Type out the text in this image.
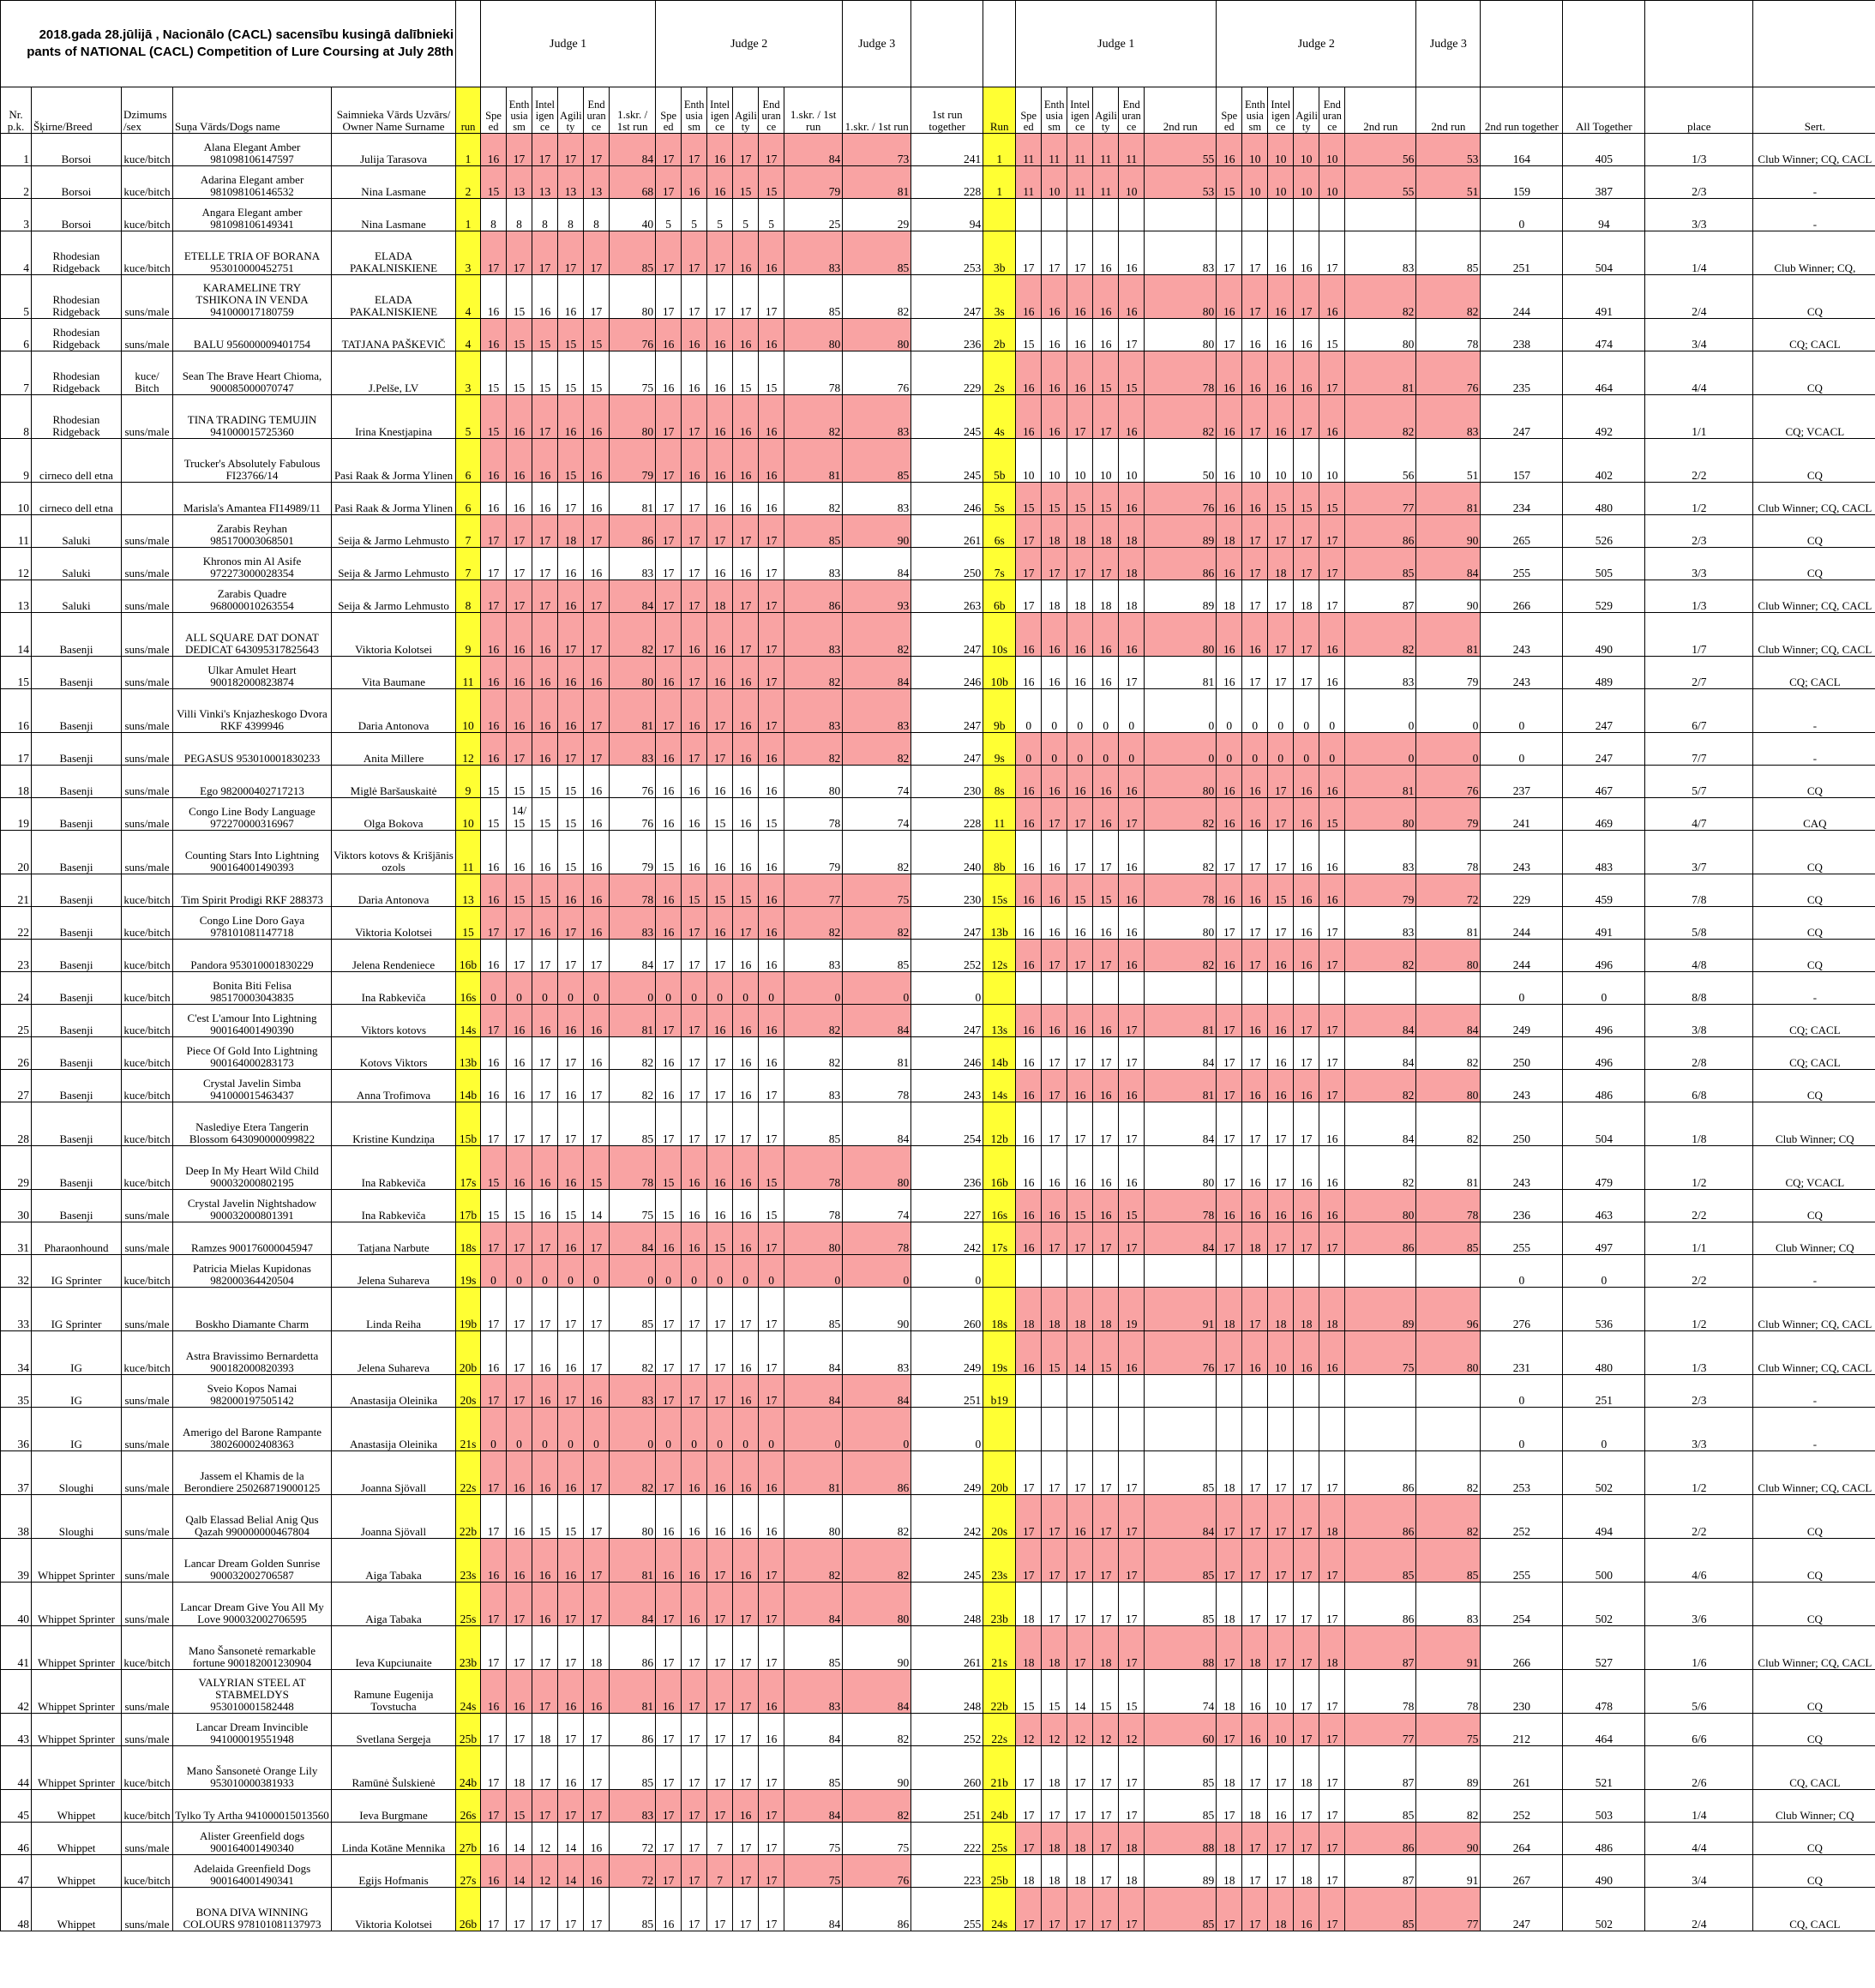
2018.gada 28.jūlijā , Nacionālo (CACL) sacensību kusingā dalībnieki
pants of NATIONAL (CACL) Competition of Lure Coursing at July 28th						Judge 1						Judge 2						Judge 3			Judge 1						Judge 2						Judge 3				
Nr. p.k.	Šķirne/Breed	Dzimums /sex	Suņa Vārds/Dogs name	Saimnieka Vārds Uzvārs/ Owner Name Surname	run	Spe ed	Enth usia sm	Intel igen ce	Agili ty	End uran ce	1.skr. / 1st run	Spe ed	Enth usia sm	Intel igen ce	Agili ty	End uran ce	1.skr. / 1st run	1.skr. / 1st run	1st run together	Run	Spe ed	Enth usia sm	Intel igen ce	Agili ty	End uran ce	2nd run	Spe ed	Enth usia sm	Intel igen ce	Agili ty	End uran ce	2nd run	2nd run	2nd run together	All Together	place	Sert.
1	Borsoi	kuce/bitch	Alana Elegant Amber 981098106147597	Julija Tarasova	1	16	17	17	17	17	84	17	17	16	17	17	84	73	241	1	11	11	11	11	11	55	16	10	10	10	10	56	53	164	405	1/3	Club Winner; CQ, CACL
2	Borsoi	kuce/bitch	Adarina Elegant amber 981098106146532	Nina Lasmane	2	15	13	13	13	13	68	17	16	16	15	15	79	81	228	1	11	10	11	11	10	53	15	10	10	10	10	55	51	159	387	2/3	-
3	Borsoi	kuce/bitch	Angara Elegant amber 981098106149341	Nina Lasmane	1	8	8	8	8	8	40	5	5	5	5	5	25	29	94															0	94	3/3	-
4	Rhodesian Ridgeback	kuce/bitch	ETELLE TRIA OF BORANA 953010000452751	ELADA PAKALNISKIENE	3	17	17	17	17	17	85	17	17	17	16	16	83	85	253	3b	17	17	17	16	16	83	17	17	16	16	17	83	85	251	504	1/4	Club Winner; CQ,
5	Rhodesian Ridgeback	suns/male	KARAMELINE TRY TSHIKONA IN VENDA 941000017180759	ELADA PAKALNISKIENE	4	16	15	16	16	17	80	17	17	17	17	17	85	82	247	3s	16	16	16	16	16	80	16	17	16	17	16	82	82	244	491	2/4	CQ
6	Rhodesian Ridgeback	suns/male	BALU 956000009401754	TATJANA PAŠKEVIČ	4	16	15	15	15	15	76	16	16	16	16	16	80	80	236	2b	15	16	16	16	17	80	17	16	16	16	15	80	78	238	474	3/4	CQ; CACL
7	Rhodesian Ridgeback	kuce/ Bitch	Sean The Brave Heart Chioma, 900085000070747	J.Pelše, LV	3	15	15	15	15	15	75	16	16	16	15	15	78	76	229	2s	16	16	16	15	15	78	16	16	16	16	17	81	76	235	464	4/4	CQ
8	Rhodesian Ridgeback	suns/male	TINA TRADING TEMUJIN 941000015725360	Irina Knestjapina	5	15	16	17	16	16	80	17	17	16	16	16	82	83	245	4s	16	16	17	17	16	82	16	17	16	17	16	82	83	247	492	1/1	CQ; VCACL
9	cirneco dell etna		Trucker's Absolutely Fabulous FI23766/14	Pasi Raak & Jorma Ylinen	6	16	16	16	15	16	79	17	16	16	16	16	81	85	245	5b	10	10	10	10	10	50	16	10	10	10	10	56	51	157	402	2/2	CQ
10	cirneco dell etna		Marisla's Amantea FI14989/11	Pasi Raak & Jorma Ylinen	6	16	16	16	17	16	81	17	17	16	16	16	82	83	246	5s	15	15	15	15	16	76	16	16	15	15	15	77	81	234	480	1/2	Club Winner; CQ, CACL
11	Saluki	suns/male	Zarabis Reyhan 985170003068501	Seija & Jarmo Lehmusto	7	17	17	17	18	17	86	17	17	17	17	17	85	90	261	6s	17	18	18	18	18	89	18	17	17	17	17	86	90	265	526	2/3	CQ
12	Saluki	suns/male	Khronos min Al Asife 972273000028354	Seija & Jarmo Lehmusto	7	17	17	17	16	16	83	17	17	16	16	17	83	84	250	7s	17	17	17	17	18	86	16	17	18	17	17	85	84	255	505	3/3	CQ
13	Saluki	suns/male	Zarabis Quadre 968000010263554	Seija & Jarmo Lehmusto	8	17	17	17	16	17	84	17	17	18	17	17	86	93	263	6b	17	18	18	18	18	89	18	17	17	18	17	87	90	266	529	1/3	Club Winner; CQ, CACL
14	Basenji	suns/male	ALL SQUARE DAT DONAT DEDICAT 643095317825643	Viktoria Kolotsei	9	16	16	16	17	17	82	17	16	16	17	17	83	82	247	10s	16	16	16	16	16	80	16	16	17	17	16	82	81	243	490	1/7	Club Winner; CQ, CACL
15	Basenji	suns/male	Ulkar Amulet Heart 900182000823874	Vita Baumane	11	16	16	16	16	16	80	16	17	16	16	17	82	84	246	10b	16	16	16	16	17	81	16	17	17	17	16	83	79	243	489	2/7	CQ; CACL
16	Basenji	suns/male	Villi Vinki's Knjazheskogo Dvora RKF 4399946	Daria Antonova	10	16	16	16	16	17	81	17	16	17	16	17	83	83	247	9b	0	0	0	0	0	0	0	0	0	0	0	0	0	0	247	6/7	-
17	Basenji	suns/male	PEGASUS 953010001830233	Anita Millere	12	16	17	16	17	17	83	16	17	17	16	16	82	82	247	9s	0	0	0	0	0	0	0	0	0	0	0	0	0	0	247	7/7	-
18	Basenji	suns/male	Ego 982000402717213	Miglė Baršauskaitė	9	15	15	15	15	16	76	16	16	16	16	16	80	74	230	8s	16	16	16	16	16	80	16	16	17	16	16	81	76	237	467	5/7	CQ
19	Basenji	suns/male	Congo Line Body Language 972270000316967	Olga Bokova	10	15	14/ 15	15	15	16	76	16	16	15	16	15	78	74	228	11	16	17	17	16	17	82	16	16	17	16	15	80	79	241	469	4/7	CAQ
20	Basenji	suns/male	Counting Stars Into Lightning 900164001490393	Viktors kotovs & Krišjānis ozols	11	16	16	16	15	16	79	15	16	16	16	16	79	82	240	8b	16	16	17	17	16	82	17	17	17	16	16	83	78	243	483	3/7	CQ
21	Basenji	kuce/bitch	Tim Spirit Prodigi RKF 288373	Daria Antonova	13	16	15	15	16	16	78	16	15	15	15	16	77	75	230	15s	16	16	15	15	16	78	16	16	15	16	16	79	72	229	459	7/8	CQ
22	Basenji	kuce/bitch	Congo Line Doro Gaya 978101081147718	Viktoria Kolotsei	15	17	17	16	17	16	83	16	17	16	17	16	82	82	247	13b	16	16	16	16	16	80	17	17	17	16	17	83	81	244	491	5/8	CQ
23	Basenji	kuce/bitch	Pandora 953010001830229	Jelena Rendeniece	16b	16	17	17	17	17	84	17	17	17	16	16	83	85	252	12s	16	17	17	17	16	82	16	17	16	16	17	82	80	244	496	4/8	CQ
24	Basenji	kuce/bitch	Bonita Biti Felisa 985170003043835	Ina Rabkeviča	16s	0	0	0	0	0	0	0	0	0	0	0	0	0	0															0	0	8/8	-
25	Basenji	kuce/bitch	C'est L'amour Into Lightning 900164001490390	Viktors kotovs	14s	17	16	16	16	16	81	17	17	16	16	16	82	84	247	13s	16	16	16	16	17	81	17	16	16	17	17	84	84	249	496	3/8	CQ; CACL
26	Basenji	kuce/bitch	Piece Of Gold Into Lightning 900164000283173	Kotovs Viktors	13b	16	16	17	17	16	82	16	17	17	16	16	82	81	246	14b	16	17	17	17	17	84	17	17	16	17	17	84	82	250	496	2/8	CQ; CACL
27	Basenji	kuce/bitch	Crystal Javelin Simba 941000015463437	Anna Trofimova	14b	16	16	17	16	17	82	16	17	17	16	17	83	78	243	14s	16	17	16	16	16	81	17	16	16	16	17	82	80	243	486	6/8	CQ
28	Basenji	kuce/bitch	Naslediye Etera Tangerin Blossom 643090000099822	Kristine Kundziņa	15b	17	17	17	17	17	85	17	17	17	17	17	85	84	254	12b	16	17	17	17	17	84	17	17	17	17	16	84	82	250	504	1/8	Club Winner; CQ
29	Basenji	kuce/bitch	Deep In My Heart Wild Child 900032000802195	Ina Rabkeviča	17s	15	16	16	16	15	78	15	16	16	16	15	78	80	236	16b	16	16	16	16	16	80	17	16	17	16	16	82	81	243	479	1/2	CQ; VCACL
30	Basenji	suns/male	Crystal Javelin Nightshadow 900032000801391	Ina Rabkeviča	17b	15	15	16	15	14	75	15	16	16	16	15	78	74	227	16s	16	16	15	16	15	78	16	16	16	16	16	80	78	236	463	2/2	CQ
31	Pharaonhound	suns/male	Ramzes 900176000045947	Tatjana Narbute	18s	17	17	17	16	17	84	16	16	15	16	17	80	78	242	17s	16	17	17	17	17	84	17	18	17	17	17	86	85	255	497	1/1	Club Winner; CQ
32	IG Sprinter	kuce/bitch	Patricia Mielas Kupidonas 982000364420504	Jelena Suhareva	19s	0	0	0	0	0	0	0	0	0	0	0	0	0	0															0	0	2/2	-
33	IG Sprinter	suns/male	Boskho Diamante Charm	Linda Reiha	19b	17	17	17	17	17	85	17	17	17	17	17	85	90	260	18s	18	18	18	18	19	91	18	17	18	18	18	89	96	276	536	1/2	Club Winner; CQ, CACL
34	IG	kuce/bitch	Astra Bravissimo Bernardetta 900182000820393	Jelena Suhareva	20b	16	17	16	16	17	82	17	17	17	16	17	84	83	249	19s	16	15	14	15	16	76	17	16	10	16	16	75	80	231	480	1/3	Club Winner; CQ, CACL
35	IG	suns/male	Sveio Kopos Namai 982000197505142	Anastasija Oleinika	20s	17	17	16	17	16	83	17	17	17	16	17	84	84	251	b19														0	251	2/3	-
36	IG	suns/male	Amerigo del Barone Rampante 380260002408363	Anastasija Oleinika	21s	0	0	0	0	0	0	0	0	0	0	0	0	0	0															0	0	3/3	-
37	Sloughi	suns/male	Jassem el Khamis de la Berondiere 250268719000125	Joanna Sjövall	22s	17	16	16	16	17	82	17	16	16	16	16	81	86	249	20b	17	17	17	17	17	85	18	17	17	17	17	86	82	253	502	1/2	Club Winner; CQ, CACL
38	Sloughi	suns/male	Qalb Elassad Belial Anig Qus Qazah 990000000467804	Joanna Sjövall	22b	17	16	15	15	17	80	16	16	16	16	16	80	82	242	20s	17	17	16	17	17	84	17	17	17	17	18	86	82	252	494	2/2	CQ
39	Whippet Sprinter	suns/male	Lancar Dream Golden Sunrise 900032002706587	Aiga Tabaka	23s	16	16	16	16	17	81	16	16	17	16	17	82	82	245	23s	17	17	17	17	17	85	17	17	17	17	17	85	85	255	500	4/6	CQ
40	Whippet Sprinter	suns/male	Lancar Dream Give You All My Love 900032002706595	Aiga Tabaka	25s	17	17	16	17	17	84	17	16	17	17	17	84	80	248	23b	18	17	17	17	17	85	18	17	17	17	17	86	83	254	502	3/6	CQ
41	Whippet Sprinter	kuce/bitch	Mano Šansonetė remarkable fortune 900182001230904	Ieva Kupciunaite	23b	17	17	17	17	18	86	17	17	17	17	17	85	90	261	21s	18	18	17	18	17	88	17	18	17	17	18	87	91	266	527	1/6	Club Winner; CQ, CACL
42	Whippet Sprinter	suns/male	VALYRIAN STEEL AT STABMELDYS 953010001582448	Ramune Eugenija Tovstucha	24s	16	16	17	16	16	81	16	17	17	17	16	83	84	248	22b	15	15	14	15	15	74	18	16	10	17	17	78	78	230	478	5/6	CQ
43	Whippet Sprinter	suns/male	Lancar Dream Invincible 941000019551948	Svetlana Sergeja	25b	17	17	18	17	17	86	17	17	17	17	16	84	82	252	22s	12	12	12	12	12	60	17	16	10	17	17	77	75	212	464	6/6	CQ
44	Whippet Sprinter	kuce/bitch	Mano Šansonetė Orange Lily 953010000381933	Ramūnė Šulskienė	24b	17	18	17	16	17	85	17	17	17	17	17	85	90	260	21b	17	18	17	17	17	85	18	17	17	18	17	87	89	261	521	2/6	CQ, CACL
45	Whippet	kuce/bitch	Tylko Ty Artha 941000015013560	Ieva Burgmane	26s	17	15	17	17	17	83	17	17	17	16	17	84	82	251	24b	17	17	17	17	17	85	17	18	16	17	17	85	82	252	503	1/4	Club Winner; CQ
46	Whippet	suns/male	Alister Greenfield dogs 900164001490340	Linda Kotāne Mennika	27b	16	14	12	14	16	72	17	17	7	17	17	75	75	222	25s	17	18	18	17	18	88	18	17	17	17	17	86	90	264	486	4/4	CQ
47	Whippet	kuce/bitch	Adelaida Greenfield Dogs 900164001490341	Egijs Hofmanis	27s	16	14	12	14	16	72	17	17	7	17	17	75	76	223	25b	18	18	18	17	18	89	18	17	17	18	17	87	91	267	490	3/4	CQ
48	Whippet	suns/male	BONA DIVA WINNING COLOURS 978101081137973	Viktoria Kolotsei	26b	17	17	17	17	17	85	16	17	17	17	17	84	86	255	24s	17	17	17	17	17	85	17	17	18	16	17	85	77	247	502	2/4	CQ, CACL
